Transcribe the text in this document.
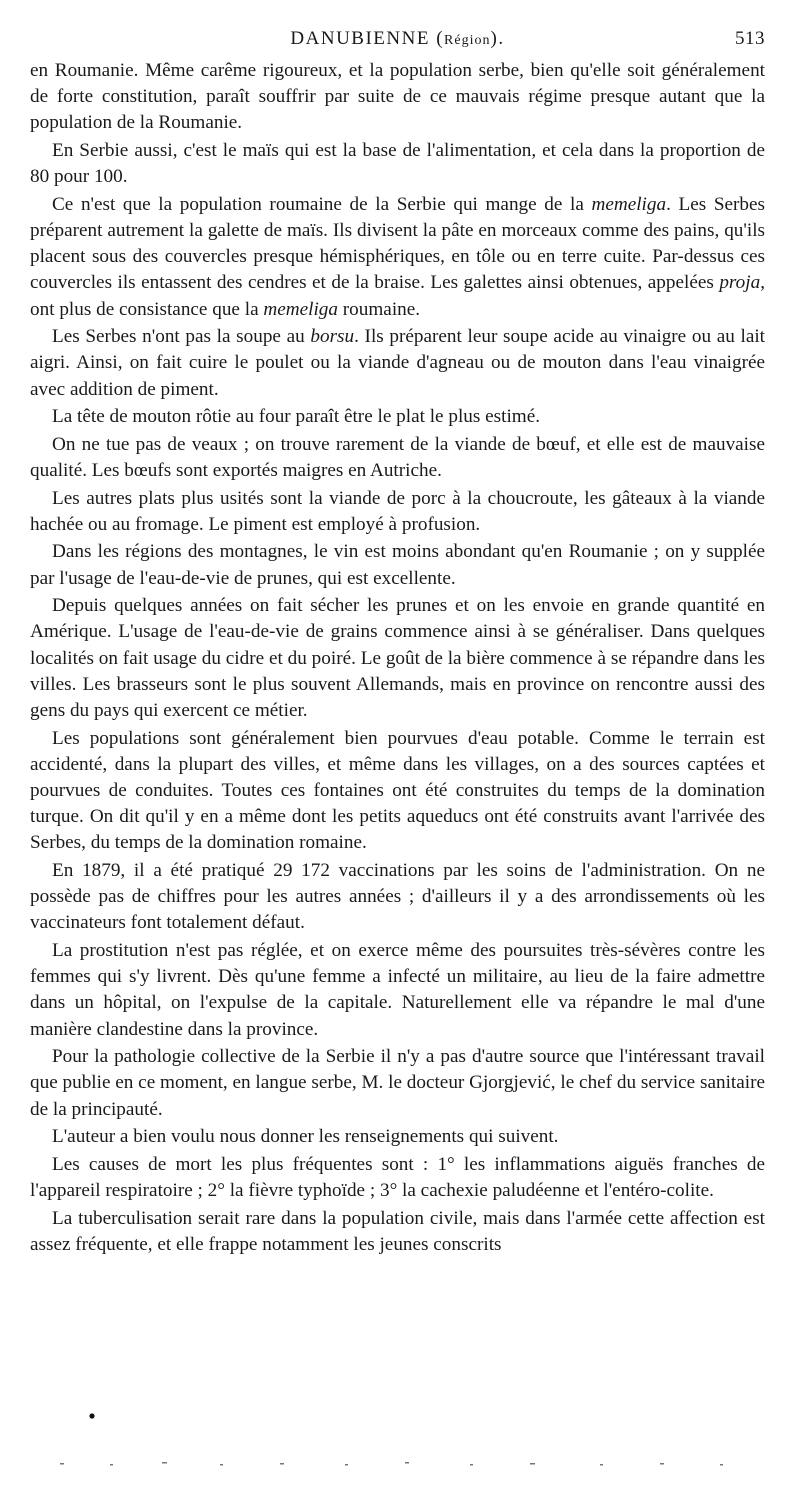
DANUBIENNE (Région).	513

en Roumanie. Même carême rigoureux, et la population serbe, bien qu'elle soit généralement de forte constitution, paraît souffrir par suite de ce mauvais régime presque autant que la population de la Roumanie.

En Serbie aussi, c'est le maïs qui est la base de l'alimentation, et cela dans la proportion de 80 pour 100.

Ce n'est que la population roumaine de la Serbie qui mange de la memeliga. Les Serbes préparent autrement la galette de maïs. Ils divisent la pâte en morceaux comme des pains, qu'ils placent sous des couvercles presque hémisphériques, en tôle ou en terre cuite. Par-dessus ces couvercles ils entassent des cendres et de la braise. Les galettes ainsi obtenues, appelées proja, ont plus de consistance que la memeliga roumaine.

Les Serbes n'ont pas la soupe au borsu. Ils préparent leur soupe acide au vinaigre ou au lait aigri. Ainsi, on fait cuire le poulet ou la viande d'agneau ou de mouton dans l'eau vinaigrée avec addition de piment.

La tête de mouton rôtie au four paraît être le plat le plus estimé.

On ne tue pas de veaux ; on trouve rarement de la viande de bœuf, et elle est de mauvaise qualité. Les bœufs sont exportés maigres en Autriche.

Les autres plats plus usités sont la viande de porc à la choucroute, les gâteaux à la viande hachée ou au fromage. Le piment est employé à profusion.

Dans les régions des montagnes, le vin est moins abondant qu'en Roumanie ; on y supplée par l'usage de l'eau-de-vie de prunes, qui est excellente.

Depuis quelques années on fait sécher les prunes et on les envoie en grande quantité en Amérique. L'usage de l'eau-de-vie de grains commence ainsi à se généraliser. Dans quelques localités on fait usage du cidre et du poiré. Le goût de la bière commence à se répandre dans les villes. Les brasseurs sont le plus souvent Allemands, mais en province on rencontre aussi des gens du pays qui exercent ce métier.

Les populations sont généralement bien pourvues d'eau potable. Comme le terrain est accidenté, dans la plupart des villes, et même dans les villages, on a des sources captées et pourvues de conduites. Toutes ces fontaines ont été construites du temps de la domination turque. On dit qu'il y en a même dont les petits aqueducs ont été construits avant l'arrivée des Serbes, du temps de la domination romaine.

En 1879, il a été pratiqué 29 172 vaccinations par les soins de l'administration. On ne possède pas de chiffres pour les autres années ; d'ailleurs il y a des arrondissements où les vaccinateurs font totalement défaut.

La prostitution n'est pas réglée, et on exerce même des poursuites très-sévères contre les femmes qui s'y livrent. Dès qu'une femme a infecté un militaire, au lieu de la faire admettre dans un hôpital, on l'expulse de la capitale. Naturellement elle va répandre le mal d'une manière clandestine dans la province.

Pour la pathologie collective de la Serbie il n'y a pas d'autre source que l'intéressant travail que publie en ce moment, en langue serbe, M. le docteur Gjorgjević, le chef du service sanitaire de la principauté.

L'auteur a bien voulu nous donner les renseignements qui suivent.

Les causes de mort les plus fréquentes sont : 1° les inflammations aiguës franches de l'appareil respiratoire ; 2° la fièvre typhoïde ; 3° la cachexie paludéenne et l'entéro-colite.

La tuberculisation serait rare dans la population civile, mais dans l'armée cette affection est assez fréquente, et elle frappe notamment les jeunes conscrits
